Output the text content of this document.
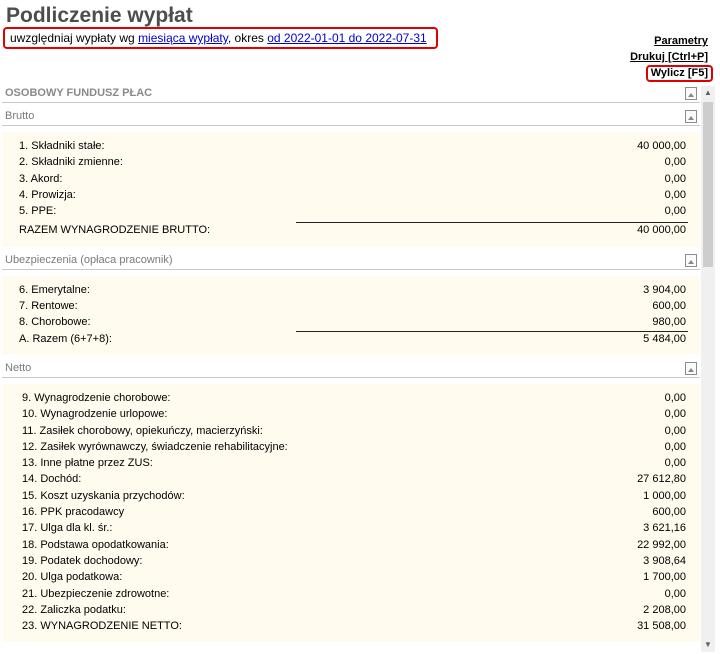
Podliczenie wypłat
uwzględniaj wypłaty wg miesiąca wypłaty, okres od 2022-01-01 do 2022-07-31	Parametry
Drukuj [Ctrl+P]
Wylicz [F5]
OSOBOWY FUNDUSZ PŁAC
Brutto
1. Składniki stałe:	40 000,00
2. Składniki zmienne:	0,00
3. Akord:	0,00
4. Prowizja:	0,00
5. PPE:	0,00
RAZEM WYNAGRODZENIE BRUTTO:	40 000,00
Ubezpieczenia (opłaca pracownik)
6. Emerytalne:	3 904,00
7. Rentowe:	600,00
8. Chorobowe:	980,00
A. Razem (6+7+8):	5 484,00
Netto
9. Wynagrodzenie chorobowe:	0,00
10. Wynagrodzenie urlopowe:	0,00
11. Zasiłek chorobowy, opiekuńczy, macierzyński:	0,00
12. Zasiłek wyrównawczy, świadczenie rehabilitacyjne:	0,00
13. Inne płatne przez ZUS:	0,00
14. Dochód:	27 612,80
15. Koszt uzyskania przychodów:	1 000,00
16. PPK pracodawcy	600,00
17. Ulga dla kl. śr.:	3 621,16
18. Podstawa opodatkowania:	22 992,00
19. Podatek dochodowy:	3 908,64
20. Ulga podatkowa:	1 700,00
21. Ubezpieczenie zdrowotne:	0,00
22. Zaliczka podatku:	2 208,00
23. WYNAGRODZENIE NETTO:	31 508,00
▲
▼
